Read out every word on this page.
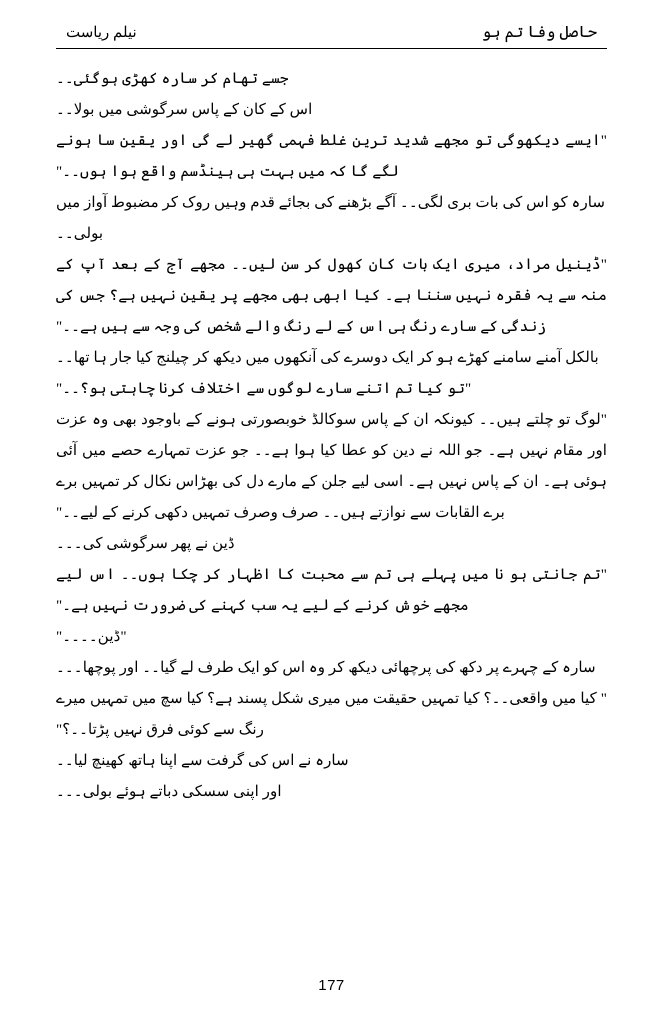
حاصل وفا تم ہو
نیلم ریاست

جسے تھام کر سارہ کھڑی ہوگئی۔۔

اس کے کان کے پاس سرگوشی میں بولا۔۔

"ایسے دیکھوگی تو مجھے شدید ترین غلط فہمی گھیر لے گی اور یقین سا ہونے لگے گا کہ میں بہت ہی ہینڈسم واقع ہوا ہوں۔۔"

سارہ کو اس کی بات بری لگی۔۔ آگے بڑھنے کی بجائے قدم وہیں روک کر مضبوط آواز میں بولی۔۔

"ڈینیل مراد، میری ایک بات کان کھول کر سن لیں۔۔ مجھے آج کے بعد آپ کے منہ سے یہ فقرہ نہیں سننا ہے۔ کیا ابھی بھی مجھے پر یقین نہیں ہے؟ جس کی زندگی کے سارے رنگ ہی اس کے لے رنگ والے شخص کی وجہ سے ہیں ہے۔۔"

بالکل آمنے سامنے کھڑے ہو کر ایک دوسرے کی آنکھوں میں دیکھ کر چیلنج کیا جار ہا تھا۔۔

"تو کیا تم اتنے سارے لوگوں سے اختلاف کرنا چاہتی ہو؟۔۔"

"لوگ تو چلتے ہیں۔۔ کیونکہ ان کے پاس سوکالڈ خوبصورتی ہونے کے باوجود بھی وہ عزت اور مقام نہیں ہے۔ جو اللہ نے دین کو عطا کیا ہوا ہے۔۔ جو عزت تمہارے حصے میں آئی ہوئی ہے۔ ان کے پاس نہیں ہے۔ اسی لیے جلن کے مارے دل کی بھڑاس نکال کر تمہیں برے برے القابات سے نوازتے ہیں۔۔ صرف وصرف تمہیں دکھی کرنے کے لیے۔۔"

ڈین نے پھر سرگوشی کی۔۔۔

"تم جانتی ہو نا میں پہلے ہی تم سے محبت کا اظہار کر چکا ہوں۔۔ اس لیے مجھے خوش کرنے کے لیے یہ سب کہنے کی ضرورت نہیں ہے۔"

"ڈین۔۔۔۔"

سارہ کے چہرے پر دکھ کی پرچھائی دیکھ کر وہ اس کو ایک طرف لے گیا۔۔ اور پوچھا۔۔۔

" کیا میں واقعی۔۔؟ کیا تمہیں حقیقت میں میری شکل پسند ہے؟ کیا سچ میں تمہیں میرے رنگ سے کوئی فرق نہیں پڑتا۔۔؟"

سارہ نے اس کی گرفت سے اپنا ہاتھ کھینچ لیا۔۔

اور اپنی سسکی دباتے ہوئے بولی۔۔۔

177
